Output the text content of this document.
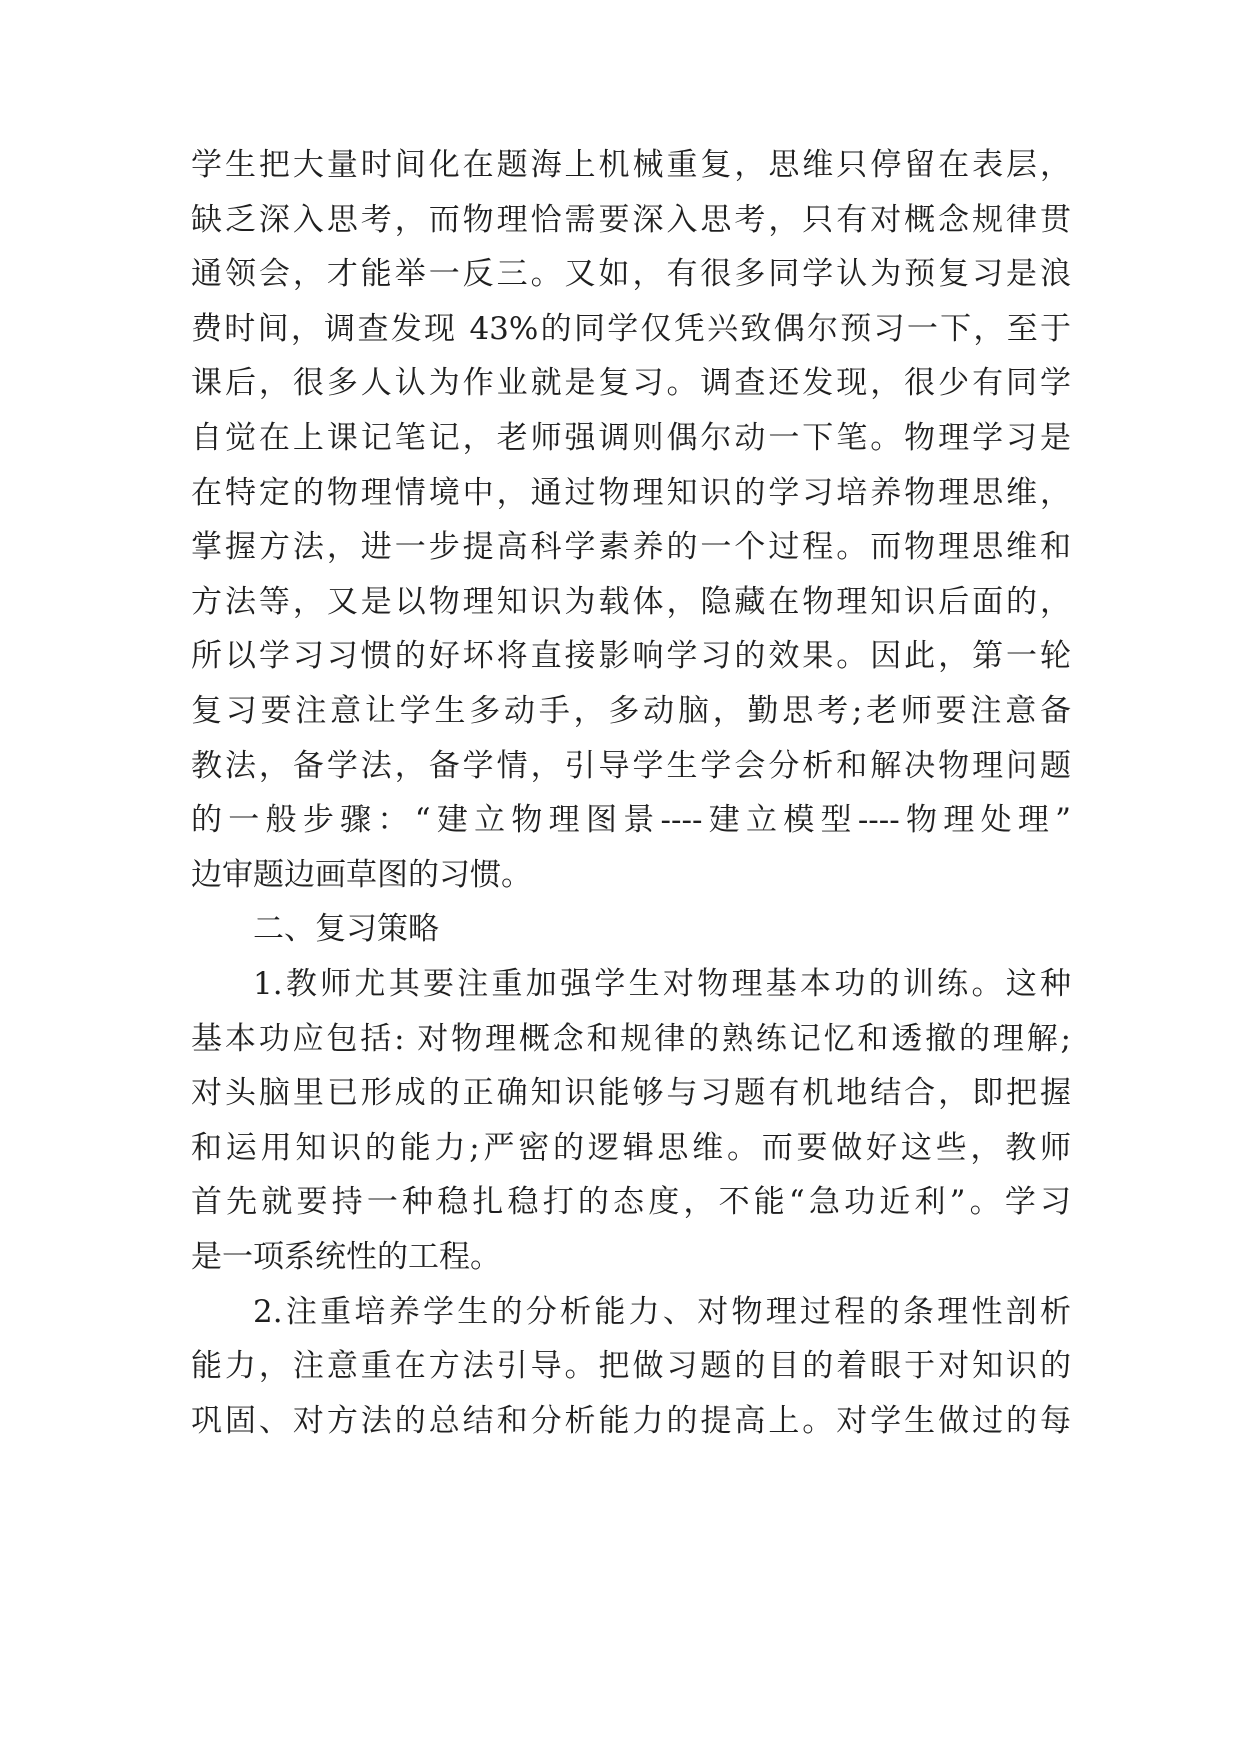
学生把大量时间化在题海上机械重复，思维只停留在表层，
缺乏深入思考，而物理恰需要深入思考，只有对概念规律贯
通领会，才能举一反三。又如，有很多同学认为预复习是浪
费时间，调查发现 43%的同学仅凭兴致偶尔预习一下，至于
课后，很多人认为作业就是复习。调查还发现，很少有同学
自觉在上课记笔记，老师强调则偶尔动一下笔。物理学习是
在特定的物理情境中，通过物理知识的学习培养物理思维，
掌握方法，进一步提高科学素养的一个过程。而物理思维和
方法等，又是以物理知识为载体，隐藏在物理知识后面的，
所以学习习惯的好坏将直接影响学习的效果。因此，第一轮
复习要注意让学生多动手，多动脑，勤思考;老师要注意备
教法，备学法，备学情，引导学生学会分析和解决物理问题
的一般步骤：“建立物理图景----建立模型----物理处理”
边审题边画草图的习惯。
二、复习策略
1.教师尤其要注重加强学生对物理基本功的训练。这种
基本功应包括: 对物理概念和规律的熟练记忆和透撤的理解;
对头脑里已形成的正确知识能够与习题有机地结合，即把握
和运用知识的能力;严密的逻辑思维。而要做好这些，教师
首先就要持一种稳扎稳打的态度，不能“急功近利”。学习
是一项系统性的工程。
2.注重培养学生的分析能力、对物理过程的条理性剖析
能力，注意重在方法引导。把做习题的目的着眼于对知识的
巩固、对方法的总结和分析能力的提高上。对学生做过的每
